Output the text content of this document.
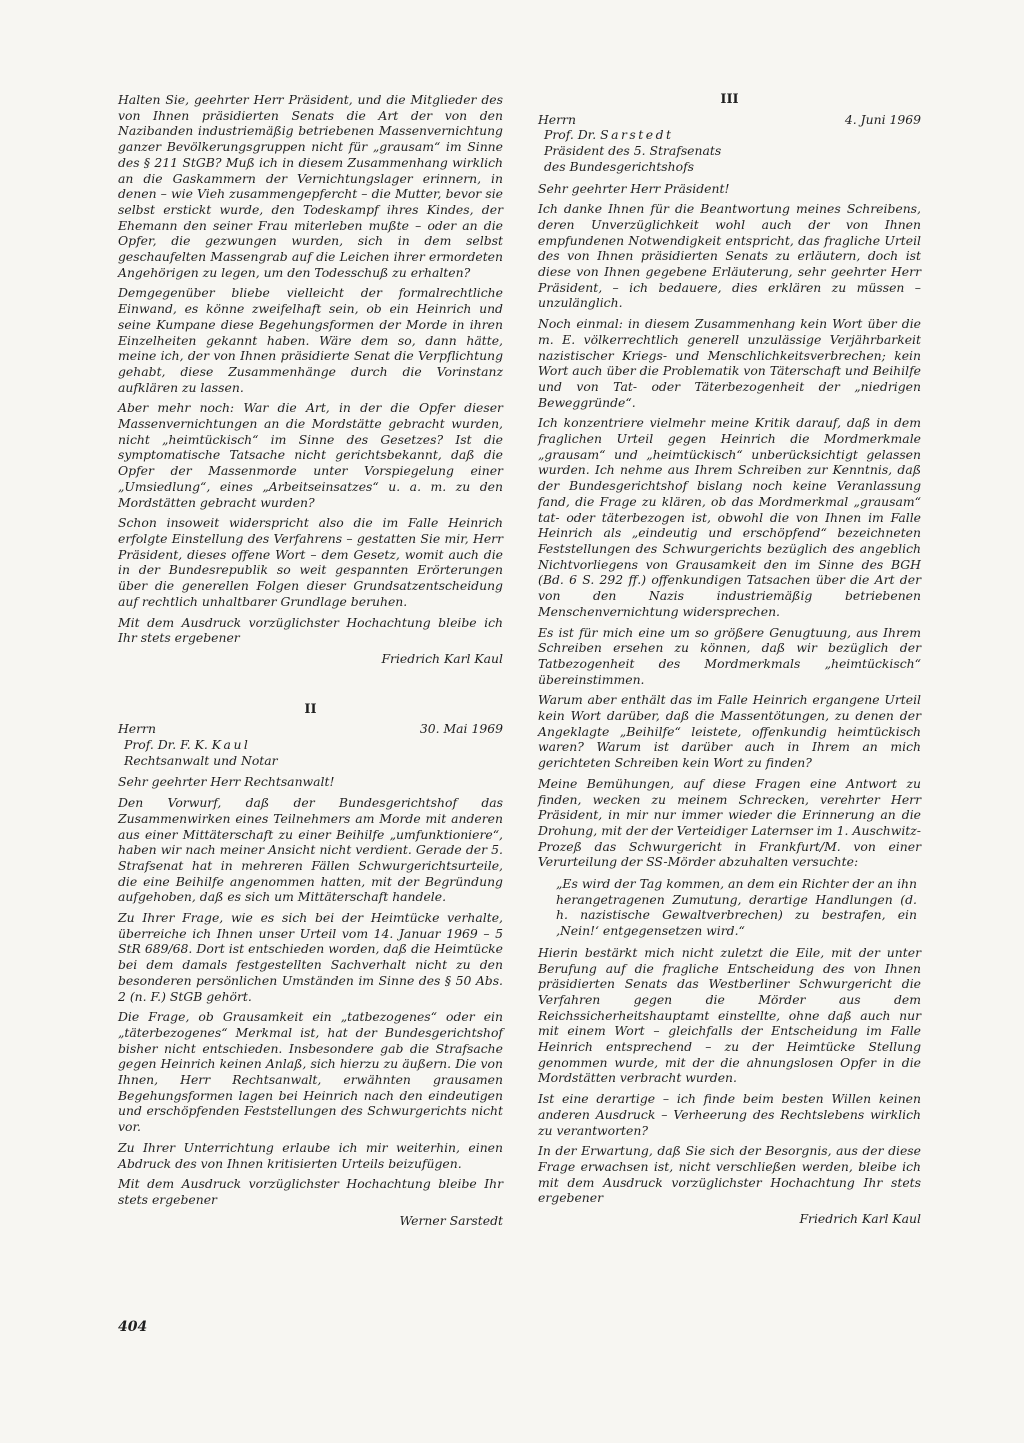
Halten Sie, geehrter Herr Präsident, und die Mitglieder des von Ihnen präsidierten Senats die Art der von den Nazibanden industriemäßig betriebenen Massenvernichtung ganzer Bevölkerungsgruppen nicht für „grausam“ im Sinne des § 211 StGB? Muß ich in diesem Zusammenhang wirklich an die Gaskammern der Vernichtungslager erinnern, in denen – wie Vieh zusammengepfercht – die Mutter, bevor sie selbst erstickt wurde, den Todeskampf ihres Kindes, der Ehemann den seiner Frau miterleben mußte – oder an die Opfer, die gezwungen wurden, sich in dem selbst geschaufelten Massengrab auf die Leichen ihrer ermordeten Angehörigen zu legen, um den Todesschuß zu erhalten?

Demgegenüber bliebe vielleicht der formalrechtliche Einwand, es könne zweifelhaft sein, ob ein Heinrich und seine Kumpane diese Begehungsformen der Morde in ihren Einzelheiten gekannt haben. Wäre dem so, dann hätte, meine ich, der von Ihnen präsidierte Senat die Verpflichtung gehabt, diese Zusammenhänge durch die Vorinstanz aufklären zu lassen.

Aber mehr noch: War die Art, in der die Opfer dieser Massenvernichtungen an die Mordstätte gebracht wurden, nicht „heimtückisch“ im Sinne des Gesetzes? Ist die symptomatische Tatsache nicht gerichtsbekannt, daß die Opfer der Massenmorde unter Vorspiegelung einer „Umsiedlung“, eines „Arbeitseinsatzes“ u. a. m. zu den Mordstätten gebracht wurden?

Schon insoweit widerspricht also die im Falle Heinrich erfolgte Einstellung des Verfahrens – gestatten Sie mir, Herr Präsident, dieses offene Wort – dem Gesetz, womit auch die in der Bundesrepublik so weit gespannten Erörterungen über die generellen Folgen dieser Grundsatzentscheidung auf rechtlich unhaltbarer Grundlage beruhen.

Mit dem Ausdruck vorzüglichster Hochachtung bleibe ich Ihr stets ergebener

Friedrich Karl Kaul

II
Herrn	30. Mai 1969
Prof. Dr. F. K. Kaul
Rechtsanwalt und Notar

Sehr geehrter Herr Rechtsanwalt!

Den Vorwurf, daß der Bundesgerichtshof das Zusammenwirken eines Teilnehmers am Morde mit anderen aus einer Mittäterschaft zu einer Beihilfe „umfunktioniere“, haben wir nach meiner Ansicht nicht verdient. Gerade der 5. Strafsenat hat in mehreren Fällen Schwurgerichtsurteile, die eine Beihilfe angenommen hatten, mit der Begründung aufgehoben, daß es sich um Mittäterschaft handele.

Zu Ihrer Frage, wie es sich bei der Heimtücke verhalte, überreiche ich Ihnen unser Urteil vom 14. Januar 1969 – 5 StR 689/68. Dort ist entschieden worden, daß die Heimtücke bei dem damals festgestellten Sachverhalt nicht zu den besonderen persönlichen Umständen im Sinne des § 50 Abs. 2 (n. F.) StGB gehört.

Die Frage, ob Grausamkeit ein „tatbezogenes“ oder ein „täterbezogenes“ Merkmal ist, hat der Bundesgerichtshof bisher nicht entschieden. Insbesondere gab die Strafsache gegen Heinrich keinen Anlaß, sich hierzu zu äußern. Die von Ihnen, Herr Rechtsanwalt, erwähnten grausamen Begehungsformen lagen bei Heinrich nach den eindeutigen und erschöpfenden Feststellungen des Schwurgerichts nicht vor.

Zu Ihrer Unterrichtung erlaube ich mir weiterhin, einen Abdruck des von Ihnen kritisierten Urteils beizufügen.

Mit dem Ausdruck vorzüglichster Hochachtung bleibe Ihr stets ergebener

Werner Sarstedt

III
Herrn	4. Juni 1969
Prof. Dr. Sarstedt
Präsident des 5. Strafsenats
des Bundesgerichtshofs

Sehr geehrter Herr Präsident!

Ich danke Ihnen für die Beantwortung meines Schreibens, deren Unverzüglichkeit wohl auch der von Ihnen empfundenen Notwendigkeit entspricht, das fragliche Urteil des von Ihnen präsidierten Senats zu erläutern, doch ist diese von Ihnen gegebene Erläuterung, sehr geehrter Herr Präsident, – ich bedauere, dies erklären zu müssen – unzulänglich.

Noch einmal: in diesem Zusammenhang kein Wort über die m. E. völkerrechtlich generell unzulässige Verjährbarkeit nazistischer Kriegs- und Menschlichkeitsverbrechen; kein Wort auch über die Problematik von Täterschaft und Beihilfe und von Tat- oder Täterbezogenheit der „niedrigen Beweggründe“.

Ich konzentriere vielmehr meine Kritik darauf, daß in dem fraglichen Urteil gegen Heinrich die Mordmerkmale „grausam“ und „heimtückisch“ unberücksichtigt gelassen wurden. Ich nehme aus Ihrem Schreiben zur Kenntnis, daß der Bundesgerichtshof bislang noch keine Veranlassung fand, die Frage zu klären, ob das Mordmerkmal „grausam“ tat- oder täterbezogen ist, obwohl die von Ihnen im Falle Heinrich als „eindeutig und erschöpfend“ bezeichneten Feststellungen des Schwurgerichts bezüglich des angeblich Nichtvorliegens von Grausamkeit den im Sinne des BGH (Bd. 6 S. 292 ff.) offenkundigen Tatsachen über die Art der von den Nazis industriemäßig betriebenen Menschenvernichtung widersprechen.

Es ist für mich eine um so größere Genugtuung, aus Ihrem Schreiben ersehen zu können, daß wir bezüglich der Tatbezogenheit des Mordmerkmals „heimtückisch“ übereinstimmen.

Warum aber enthält das im Falle Heinrich ergangene Urteil kein Wort darüber, daß die Massentötungen, zu denen der Angeklagte „Beihilfe“ leistete, offenkundig heimtückisch waren? Warum ist darüber auch in Ihrem an mich gerichteten Schreiben kein Wort zu finden?

Meine Bemühungen, auf diese Fragen eine Antwort zu finden, wecken zu meinem Schrecken, verehrter Herr Präsident, in mir nur immer wieder die Erinnerung an die Drohung, mit der der Verteidiger Laternser im 1. Auschwitz-Prozeß das Schwurgericht in Frankfurt/M. von einer Verurteilung der SS-Mörder abzuhalten versuchte:

„Es wird der Tag kommen, an dem ein Richter der an ihn herangetragenen Zumutung, derartige Handlungen (d. h. nazistische Gewaltverbrechen) zu bestrafen, ein ‚Nein!‘ entgegensetzen wird.“

Hierin bestärkt mich nicht zuletzt die Eile, mit der unter Berufung auf die fragliche Entscheidung des von Ihnen präsidierten Senats das Westberliner Schwurgericht die Verfahren gegen die Mörder aus dem Reichssicherheitshauptamt einstellte, ohne daß auch nur mit einem Wort – gleichfalls der Entscheidung im Falle Heinrich entsprechend – zu der Heimtücke Stellung genommen wurde, mit der die ahnungslosen Opfer in die Mordstätten verbracht wurden.

Ist eine derartige – ich finde beim besten Willen keinen anderen Ausdruck – Verheerung des Rechtslebens wirklich zu verantworten?

In der Erwartung, daß Sie sich der Besorgnis, aus der diese Frage erwachsen ist, nicht verschließen werden, bleibe ich mit dem Ausdruck vorzüglichster Hochachtung Ihr stets ergebener

Friedrich Karl Kaul

404
